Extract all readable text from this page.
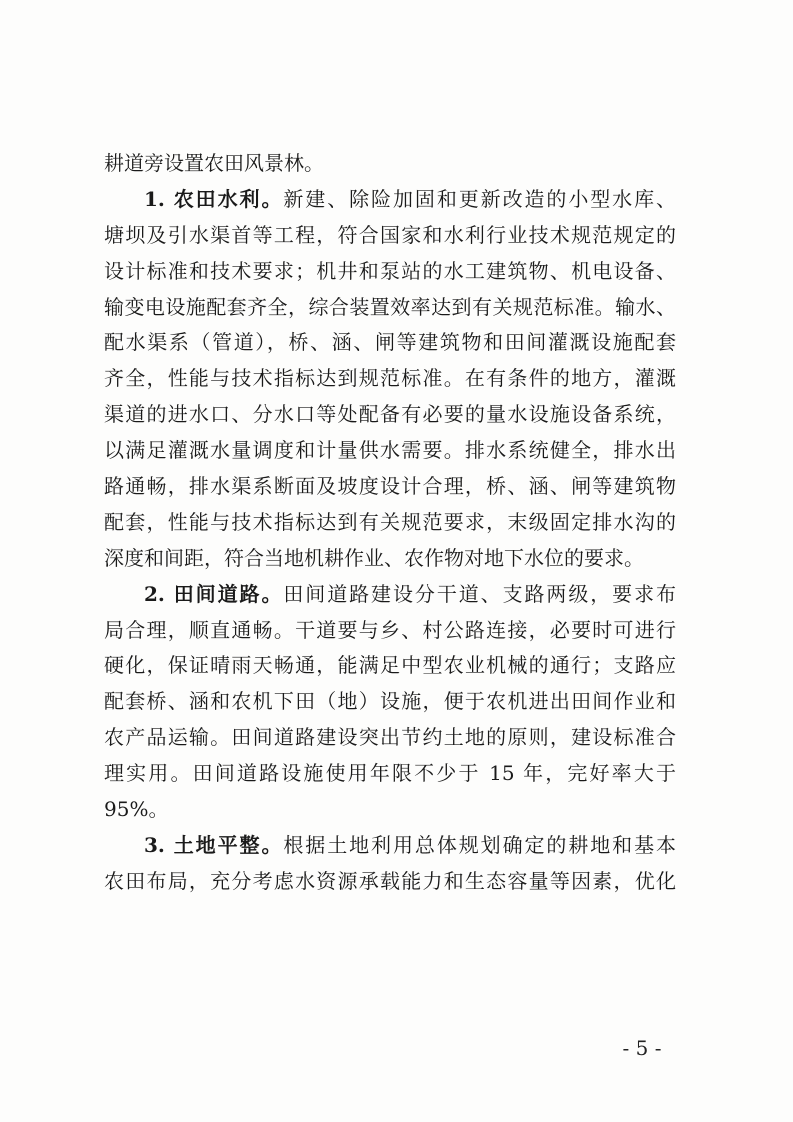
耕道旁设置农田风景林。
1. 农田水利。新建、除险加固和更新改造的小型水库、
塘坝及引水渠首等工程，符合国家和水利行业技术规范规定的
设计标准和技术要求；机井和泵站的水工建筑物、机电设备、
输变电设施配套齐全，综合装置效率达到有关规范标准。输水、
配水渠系（管道），桥、涵、闸等建筑物和田间灌溉设施配套
齐全，性能与技术指标达到规范标准。在有条件的地方，灌溉
渠道的进水口、分水口等处配备有必要的量水设施设备系统，
以满足灌溉水量调度和计量供水需要。排水系统健全，排水出
路通畅，排水渠系断面及坡度设计合理，桥、涵、闸等建筑物
配套，性能与技术指标达到有关规范要求，末级固定排水沟的
深度和间距，符合当地机耕作业、农作物对地下水位的要求。
2. 田间道路。田间道路建设分干道、支路两级，要求布
局合理，顺直通畅。干道要与乡、村公路连接，必要时可进行
硬化，保证晴雨天畅通，能满足中型农业机械的通行；支路应
配套桥、涵和农机下田（地）设施，便于农机进出田间作业和
农产品运输。田间道路建设突出节约土地的原则，建设标准合
理实用。田间道路设施使用年限不少于 15 年，完好率大于
95%。
3. 土地平整。根据土地利用总体规划确定的耕地和基本
农田布局，充分考虑水资源承载能力和生态容量等因素，优化
- 5 -
